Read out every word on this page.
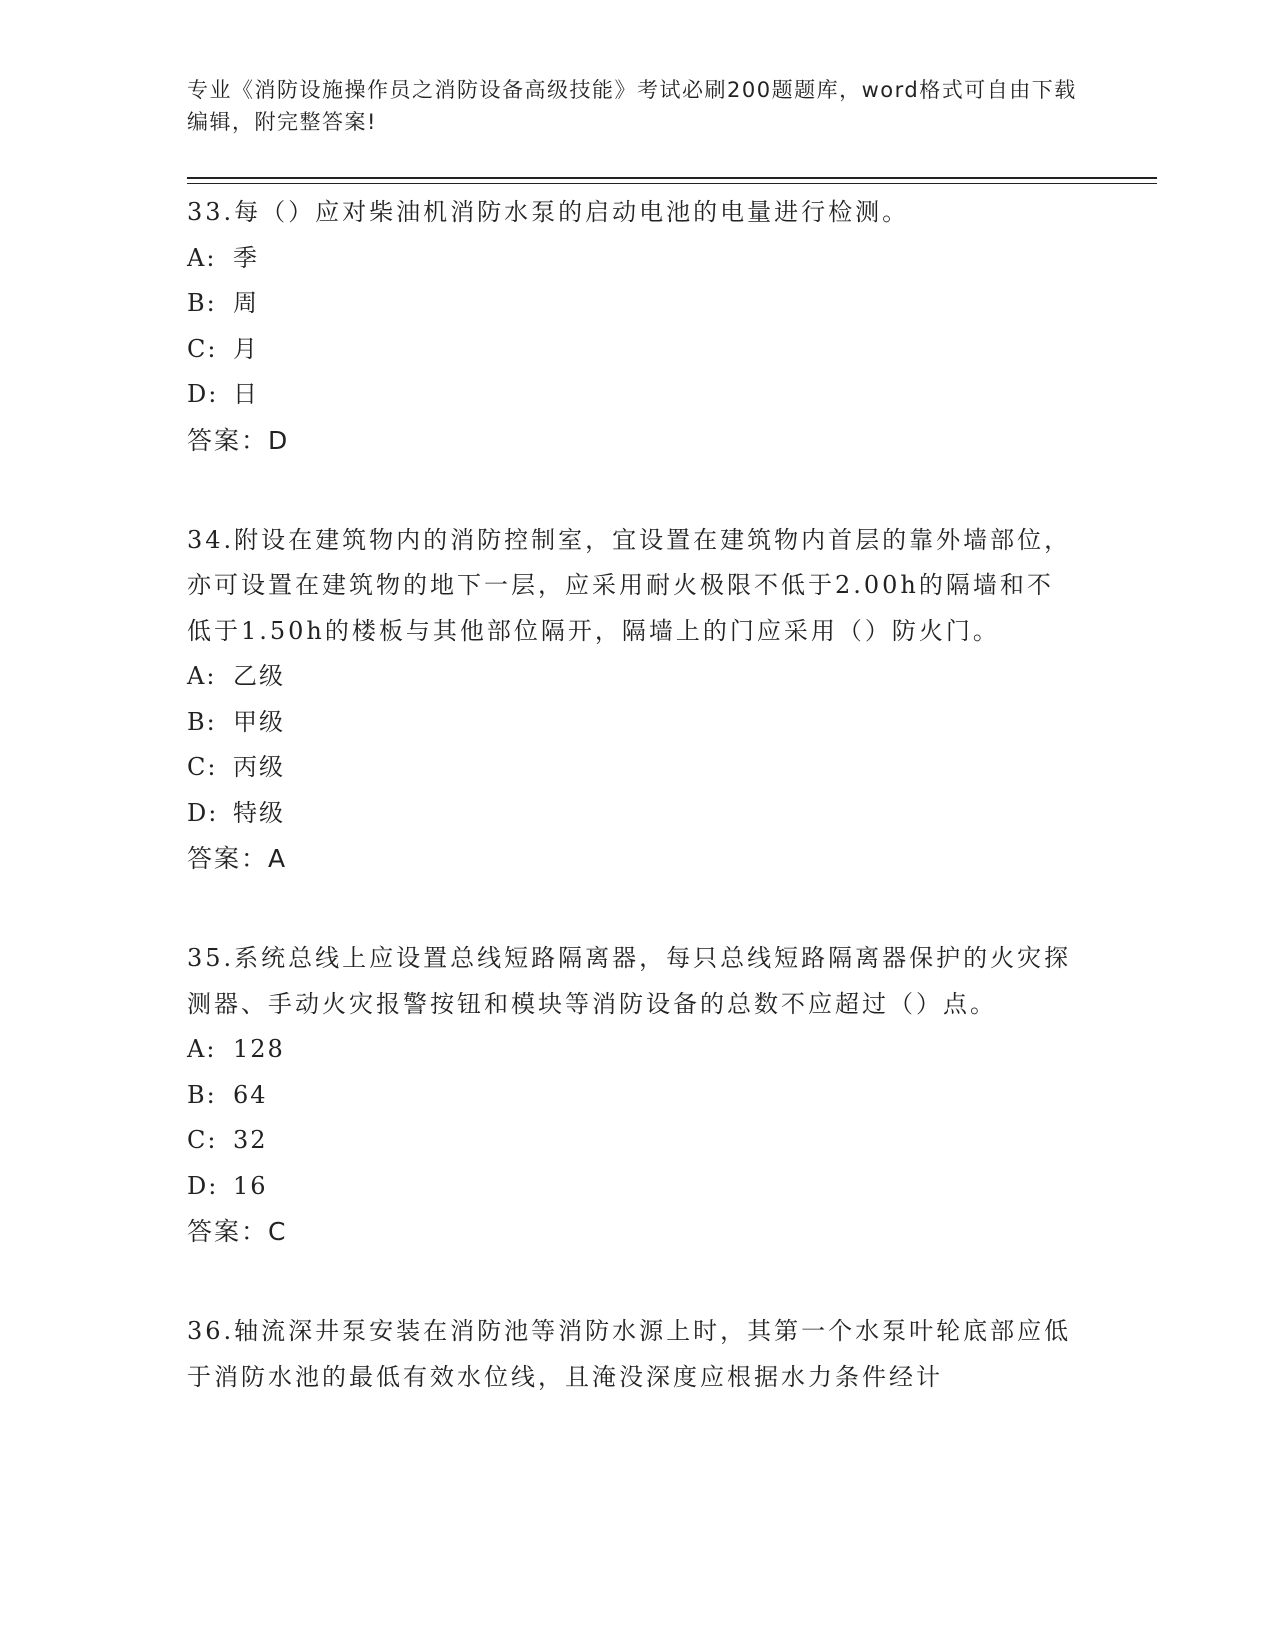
专业《消防设施操作员之消防设备高级技能》考试必刷200题题库，word格式可自由下载编辑，附完整答案!
33.每（）应对柴油机消防水泵的启动电池的电量进行检测。
A: 季
B: 周
C: 月
D: 日
答案：D
34.附设在建筑物内的消防控制室，宜设置在建筑物内首层的靠外墙部位，亦可设置在建筑物的地下一层，应采用耐火极限不低于2.00h的隔墙和不低于1.50h的楼板与其他部位隔开，隔墙上的门应采用（）防火门。
A: 乙级
B: 甲级
C: 丙级
D: 特级
答案：A
35.系统总线上应设置总线短路隔离器，每只总线短路隔离器保护的火灾探测器、手动火灾报警按钮和模块等消防设备的总数不应超过（）点。
A: 128
B: 64
C: 32
D: 16
答案：C
36.轴流深井泵安装在消防池等消防水源上时，其第一个水泵叶轮底部应低于消防水池的最低有效水位线，且淹没深度应根据水力条件经计
